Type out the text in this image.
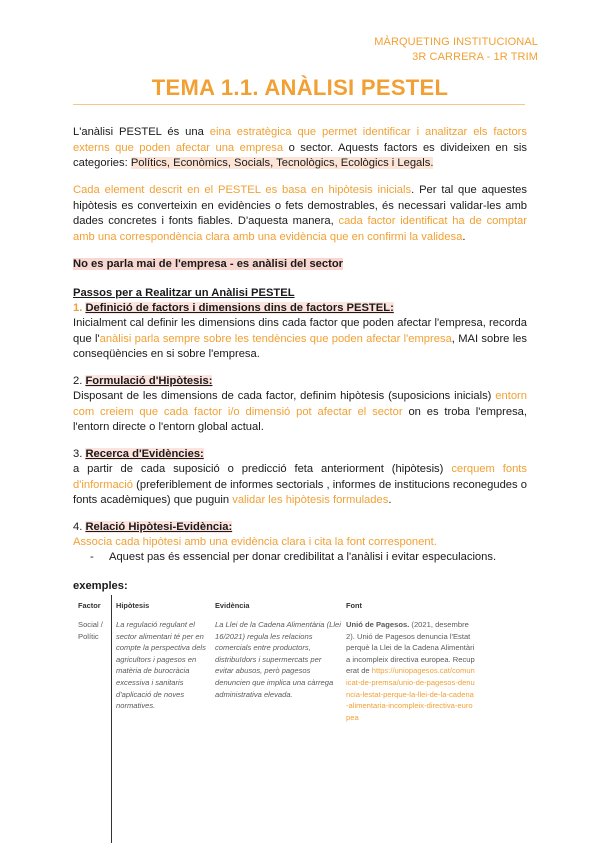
MÀRQUETING INSTITUCIONAL
3R CARRERA - 1R TRIM
TEMA 1.1. ANÀLISI PESTEL
L'anàlisi PESTEL és una eina estratègica que permet identificar i analitzar els factors externs que poden afectar una empresa o sector. Aquests factors es divideixen en sis categories: Polítics, Econòmics, Socials, Tecnològics, Ecològics i Legals.
Cada element descrit en el PESTEL es basa en hipòtesis inicials. Per tal que aquestes hipòtesis es converteixin en evidències o fets demostrables, és necessari validar-les amb dades concretes i fonts fiables. D'aquesta manera, cada factor identificat ha de comptar amb una correspondència clara amb una evidència que en confirmi la validesa.
No es parla mai de l'empresa - es anàlisi del sector
Passos per a Realitzar un Anàlisi PESTEL
1. Definició de factors i dimensions dins de factors PESTEL:
Inicialment cal definir les dimensions dins cada factor que poden afectar l'empresa, recorda que l'anàlisi parla sempre sobre les tendències que poden afectar l'empresa, MAI sobre les conseqüències en si sobre l'empresa.
2. Formulació d'Hipòtesis:
Disposant de les dimensions de cada factor, definim hipòtesis (suposicions inicials) entorn com creiem que cada factor i/o dimensió pot afectar el sector on es troba l'empresa, l'entorn directe o l'entorn global actual.
3. Recerca d'Evidències:
a partir de cada suposició o predicció feta anteriorment (hipòtesis) cerquem fonts d'informació (preferiblement de informes sectorials , informes de institucions reconegudes o fonts acadèmiques) que puguin validar les hipòtesis formulades.
4. Relació Hipòtesi-Evidència:
Associa cada hipòtesi amb una evidència clara i cita la font corresponent.
- Aquest pas és essencial per donar credibilitat a l'anàlisi i evitar especulacions.
exemples:
Factor Hipòtesis	Evidència	Font
Social / Polític
La regulació regulant el sector alimentari té per en compte la perspectiva dels agricultors i pagesos en matèria de burocràcia excessiva i sanitaris d'aplicació de noves normatives.
La Llei de la Cadena Alimentària (Llei 16/2021) regula les relacions comercials entre productors, distribuïdors i supermercats per evitar abusos, però pagesos denuncien que implica una càrrega administrativa elevada.
Unió de Pagesos. (2021, desembre 2). Unió de Pagesos denuncia l'Estat perquè la Llei de la Cadena Alimentària incompleix directiva europea. Recuperat de https://uniopagesos.cat/comunicat-de-premsa/unio-de-pagesos-denuncia-lestat-perque-la-llei-de-la-cadena-alimentaria-incompleix-directiva-europea
